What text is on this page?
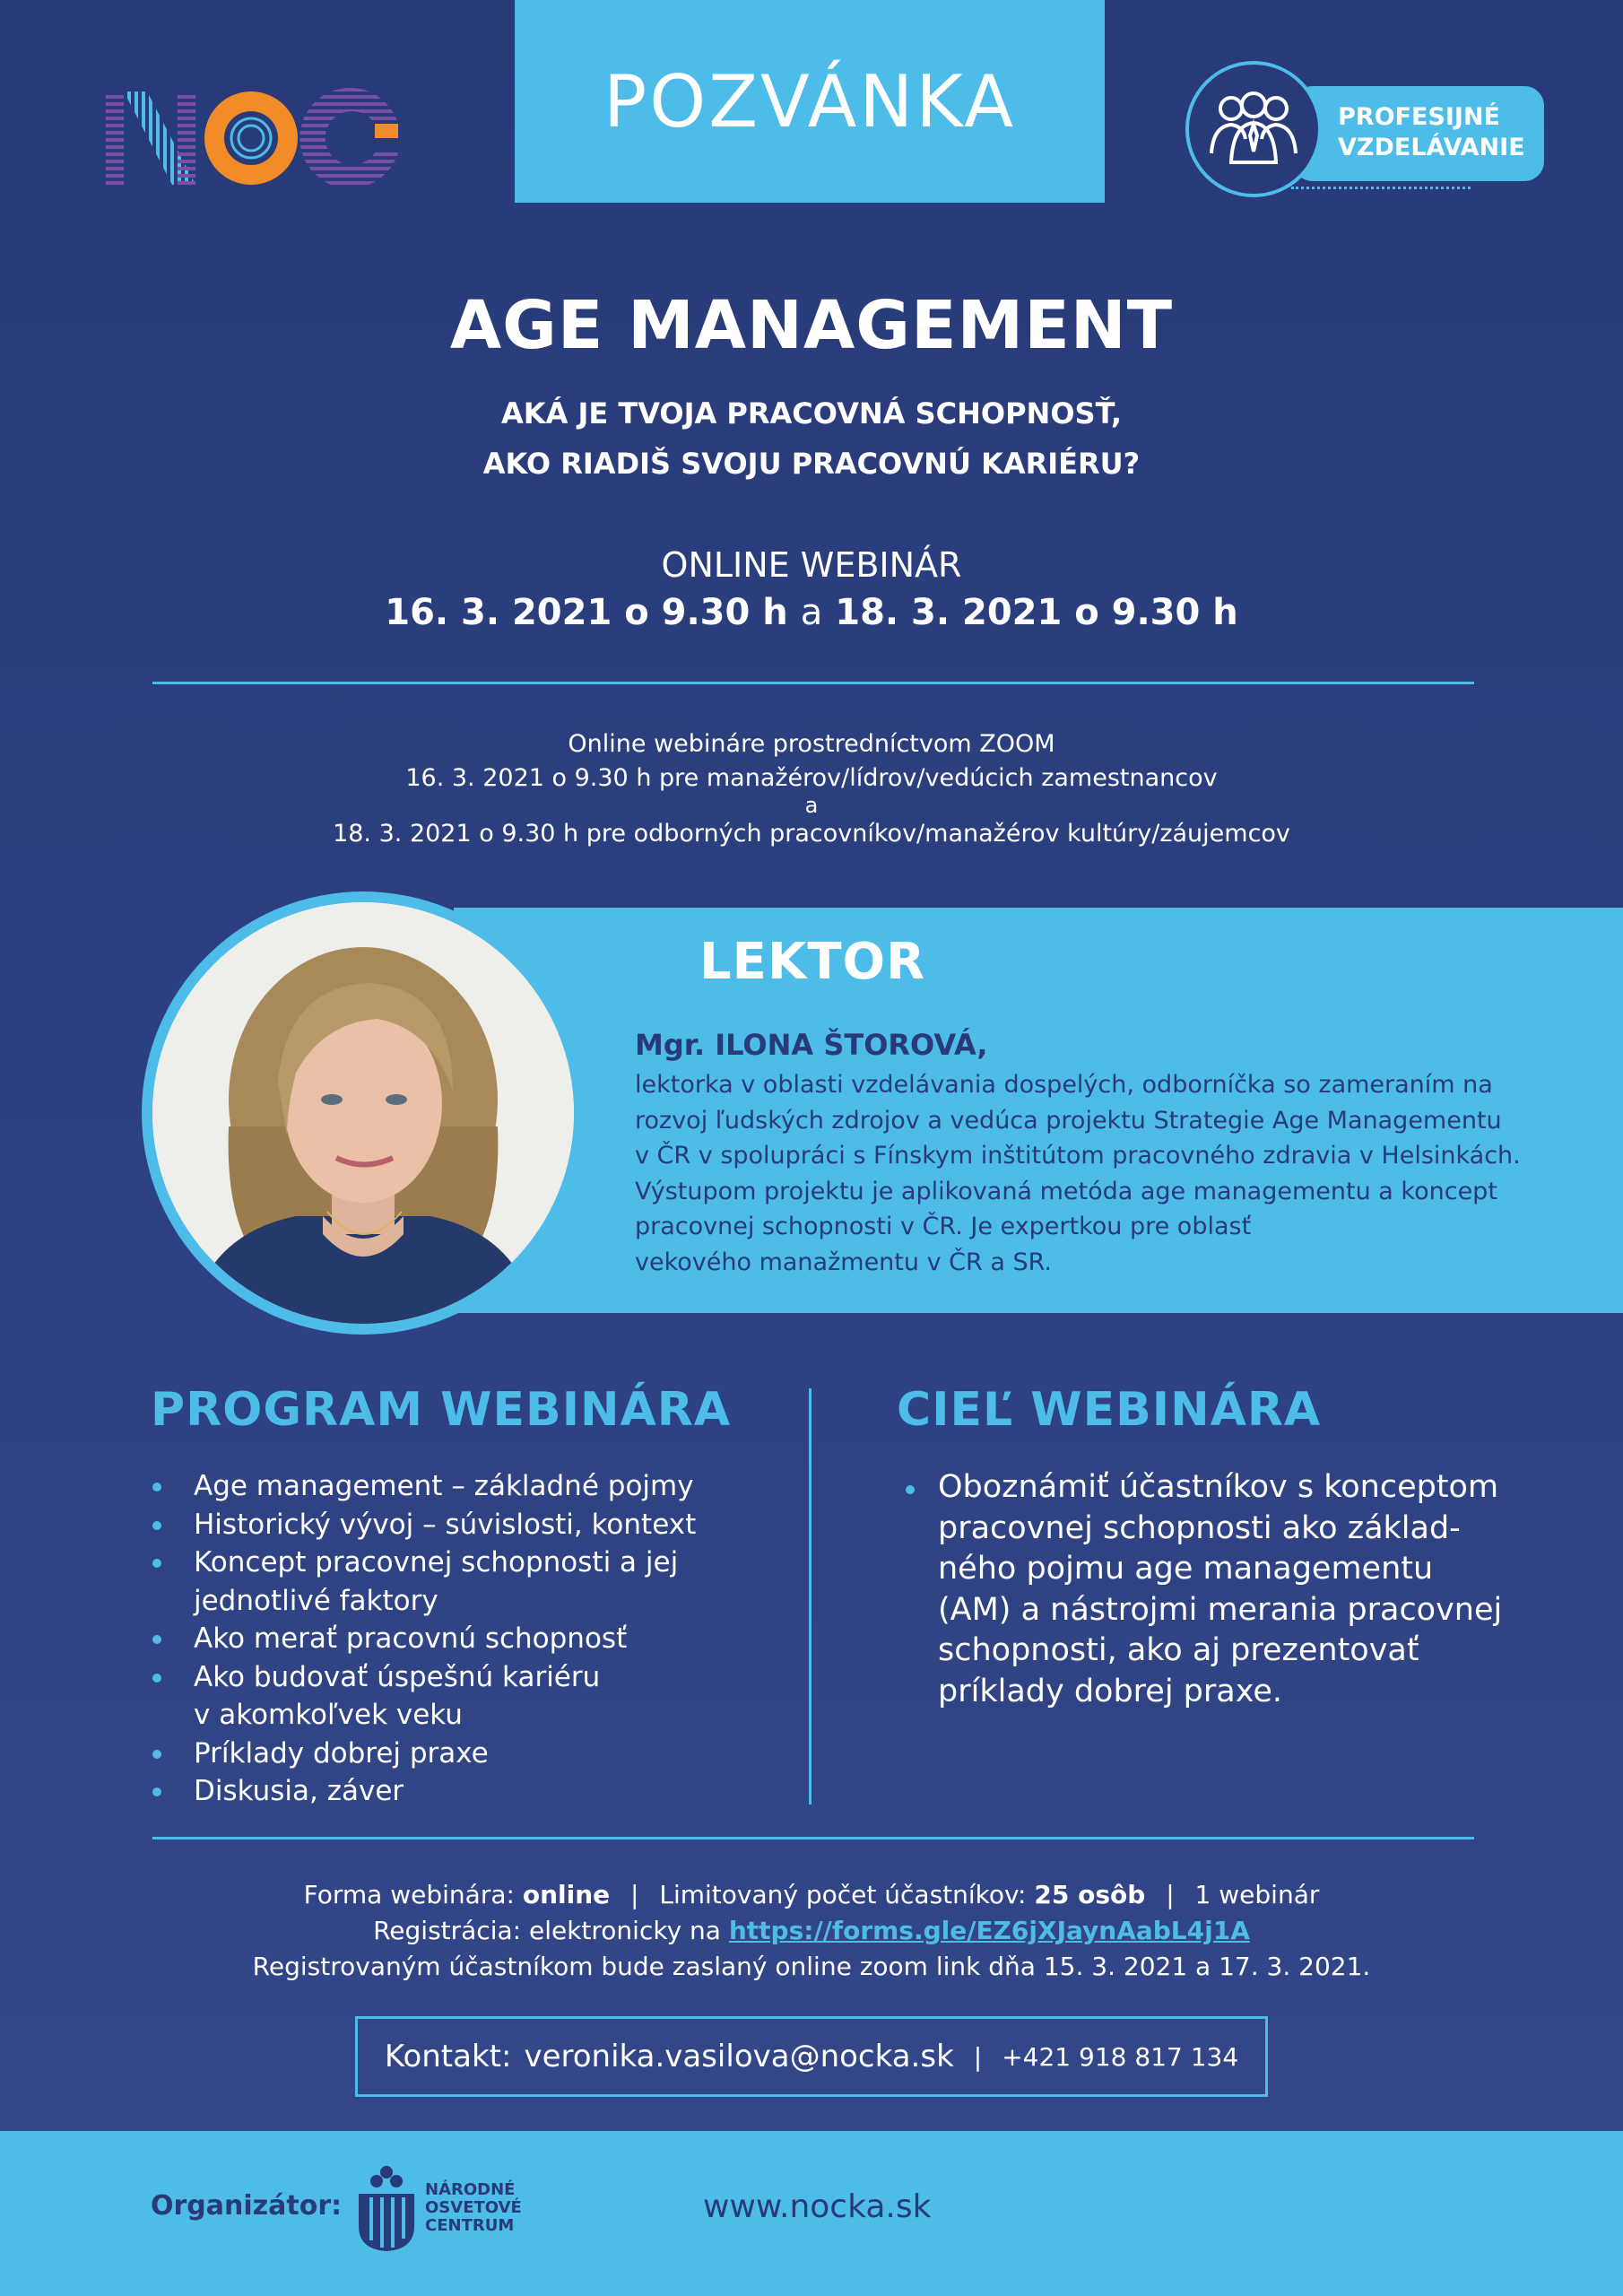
POZVÁNKA	PROFESIJNÉ
VZDELÁVANIE
AGE MANAGEMENT
AKÁ JE TVOJA PRACOVNÁ SCHOPNOSŤ,
AKO RIADIŠ SVOJU PRACOVNÚ KARIÉRU?
ONLINE WEBINÁR
16. 3. 2021 o 9.30 h a 18. 3. 2021 o 9.30 h
Online webináre prostredníctvom ZOOM
16. 3. 2021 o 9.30 h pre manažérov/lídrov/vedúcich zamestnancov
a
18. 3. 2021 o 9.30 h pre odborných pracovníkov/manažérov kultúry/záujemcov
LEKTOR
Mgr. ILONA ŠTOROVÁ,
lektorka v oblasti vzdelávania dospelých, odborníčka so zameraním na
rozvoj ľudských zdrojov a vedúca projektu Strategie Age Managementu
v ČR v spolupráci s Fínskym inštitútom pracovného zdravia v Helsinkách.
Výstupom projektu je aplikovaná metóda age managementu a koncept
pracovnej schopnosti v ČR. Je expertkou pre oblasť
vekového manažmentu v ČR a SR.
PROGRAM WEBINÁRA	CIEĽ WEBINÁRA
Age management – základné pojmy
Historický vývoj – súvislosti, kontext
Koncept pracovnej schopnosti a jej
jednotlivé faktory
Ako merať pracovnú schopnosť
Ako budovať úspešnú kariéru
v akomkoľvek veku
Príklady dobrej praxe
Diskusia, záver
Oboznámiť účastníkov s konceptom
pracovnej schopnosti ako základ-
ného pojmu age managementu
(AM) a nástrojmi merania pracovnej
schopnosti, ako aj prezentovať
príklady dobrej praxe.
Forma webinára: online | Limitovaný počet účastníkov: 25 osôb | 1 webinár
Registrácia: elektronicky na https://forms.gle/EZ6jXJaynAabL4j1A
Registrovaným účastníkom bude zaslaný online zoom link dňa 15. 3. 2021 a 17. 3. 2021.
Kontakt: veronika.vasilova@nocka.sk | +421 918 817 134
Organizátor:
NÁRODNÉ
OSVETOVÉ
CENTRUM
www.nocka.sk
